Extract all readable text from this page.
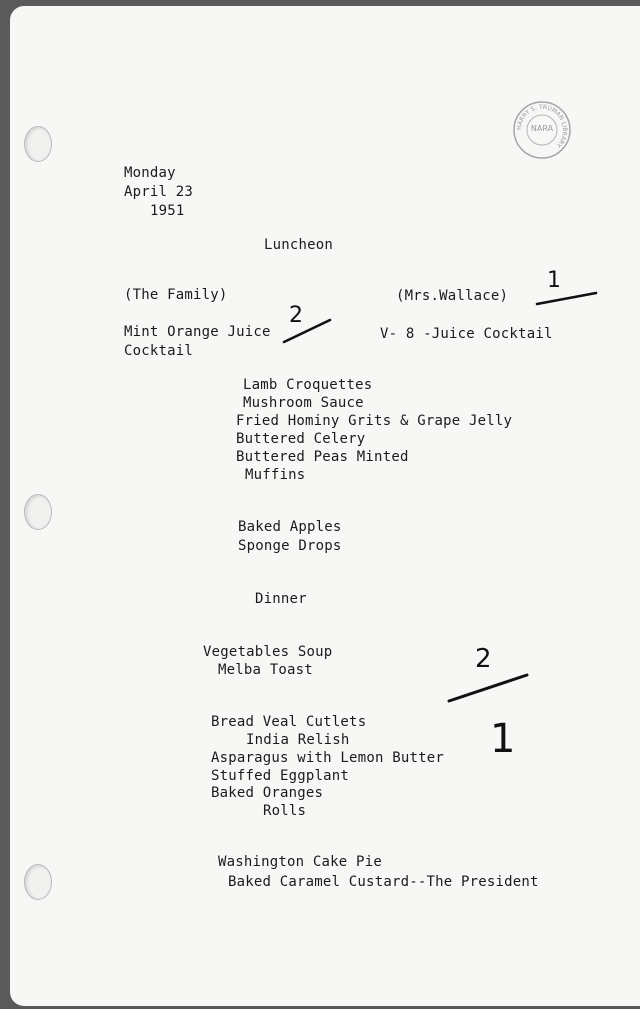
HARRY S. TRUMAN LIBRARY
NARA
Monday
April 23
1951
Luncheon
(The Family)	(Mrs.Wallace)
Mint Orange Juice
Cocktail
V- 8 -Juice Cocktail
Lamb Croquettes
Mushroom Sauce
Fried Hominy Grits & Grape Jelly
Buttered Celery
Buttered Peas Minted
Muffins
Baked Apples
Sponge Drops
Dinner
Vegetables Soup
Melba Toast
Bread Veal Cutlets
India Relish
Asparagus with Lemon Butter
Stuffed Eggplant
Baked Oranges
Rolls
Washington Cake Pie
Baked Caramel Custard--The President
2
1
2
1
